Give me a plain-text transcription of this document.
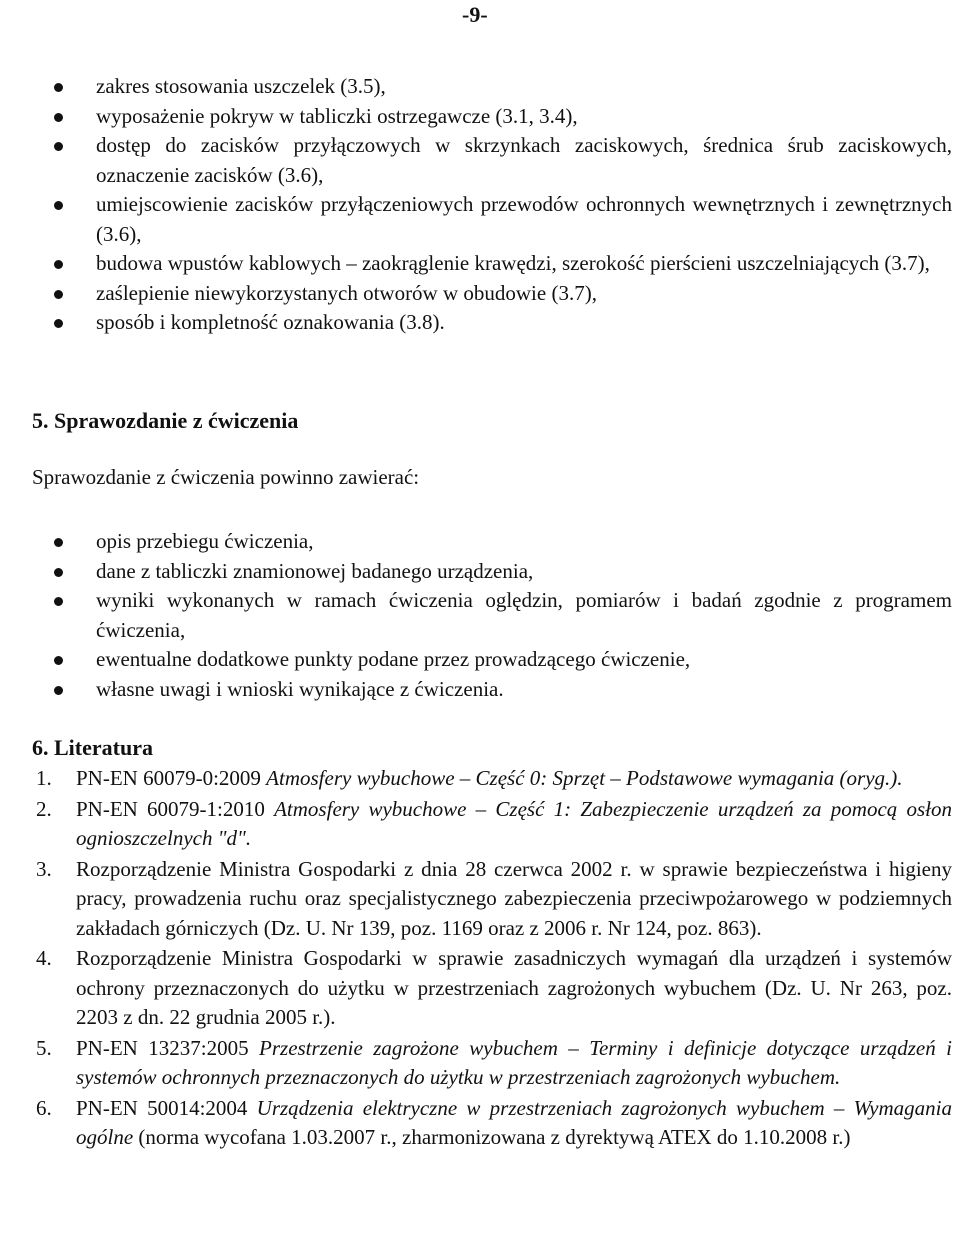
-9-
zakres stosowania uszczelek (3.5),
wyposażenie pokryw w tabliczki ostrzegawcze (3.1, 3.4),
dostęp do zacisków przyłączowych w skrzynkach zaciskowych, średnica śrub zaciskowych, oznaczenie zacisków (3.6),
umiejscowienie zacisków przyłączeniowych przewodów ochronnych wewnętrznych i zewnętrznych (3.6),
budowa wpustów kablowych – zaokrąglenie krawędzi, szerokość pierścieni uszczelniających (3.7),
zaślepienie niewykorzystanych otworów w obudowie (3.7),
sposób i kompletność oznakowania (3.8).
5. Sprawozdanie z ćwiczenia
Sprawozdanie z ćwiczenia powinno zawierać:
opis przebiegu ćwiczenia,
dane z tabliczki znamionowej badanego urządzenia,
wyniki wykonanych w ramach ćwiczenia oględzin, pomiarów i badań zgodnie z programem ćwiczenia,
ewentualne dodatkowe punkty podane przez prowadzącego ćwiczenie,
własne uwagi i wnioski wynikające z ćwiczenia.
6. Literatura
1. PN-EN 60079-0:2009 Atmosfery wybuchowe – Część 0: Sprzęt – Podstawowe wymagania (oryg.).
2. PN-EN 60079-1:2010 Atmosfery wybuchowe – Część 1: Zabezpieczenie urządzeń za pomocą osłon ognioszczelnych "d".
3. Rozporządzenie Ministra Gospodarki z dnia 28 czerwca 2002 r. w sprawie bezpieczeństwa i higieny pracy, prowadzenia ruchu oraz specjalistycznego zabezpieczenia przeciwpożarowego w podziemnych zakładach górniczych (Dz. U. Nr 139, poz. 1169 oraz z 2006 r. Nr 124, poz. 863).
4. Rozporządzenie Ministra Gospodarki w sprawie zasadniczych wymagań dla urządzeń i systemów ochrony przeznaczonych do użytku w przestrzeniach zagrożonych wybuchem (Dz. U. Nr 263, poz. 2203 z dn. 22 grudnia 2005 r.).
5. PN-EN 13237:2005 Przestrzenie zagrożone wybuchem – Terminy i definicje dotyczące urządzeń i systemów ochronnych przeznaczonych do użytku w przestrzeniach zagrożonych wybuchem.
6. PN-EN 50014:2004 Urządzenia elektryczne w przestrzeniach zagrożonych wybuchem – Wymagania ogólne (norma wycofana 1.03.2007 r., zharmonizowana z dyrektywą ATEX do 1.10.2008 r.)
